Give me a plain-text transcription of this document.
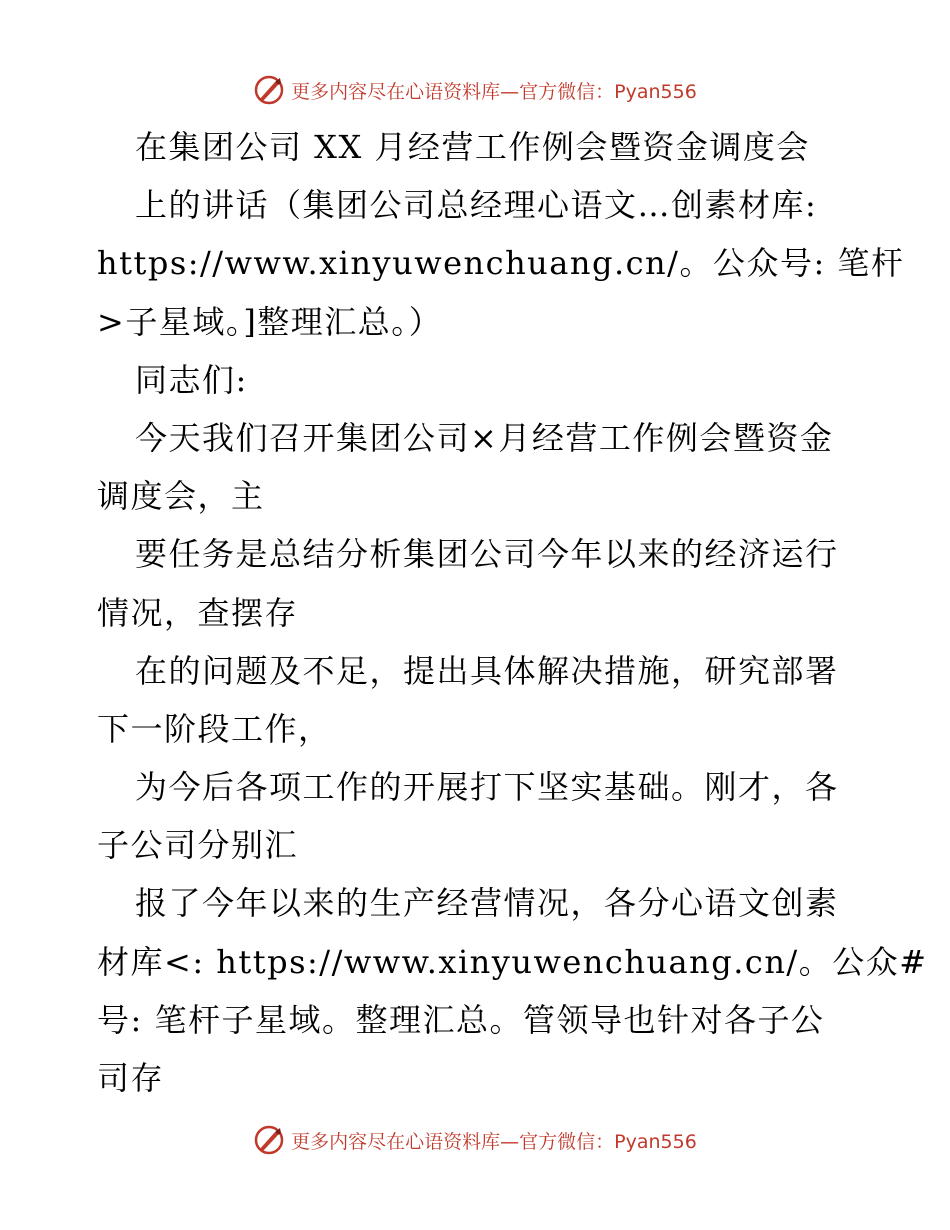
更多内容尽在心语资料库—官方微信：Pyan556
在集团公司 XX 月经营工作例会暨资金调度会
上的讲话（集团公司总经理心语文…创素材库:
https://www.xinyuwenchuang.cn/。公众号: 笔杆
>子星域。]整理汇总。）
同志们:
今天我们召开集团公司×月经营工作例会暨资金
调度会，主
要任务是总结分析集团公司今年以来的经济运行
情况，查摆存
在的问题及不足，提出具体解决措施，研究部署
下一阶段工作，
为今后各项工作的开展打下坚实基础。刚才，各
子公司分别汇
报了今年以来的生产经营情况，各分心语文创素
材库<: https://www.xinyuwenchuang.cn/。公众#
号: 笔杆子星域。整理汇总。管领导也针对各子公
司存
更多内容尽在心语资料库—官方微信：Pyan556
